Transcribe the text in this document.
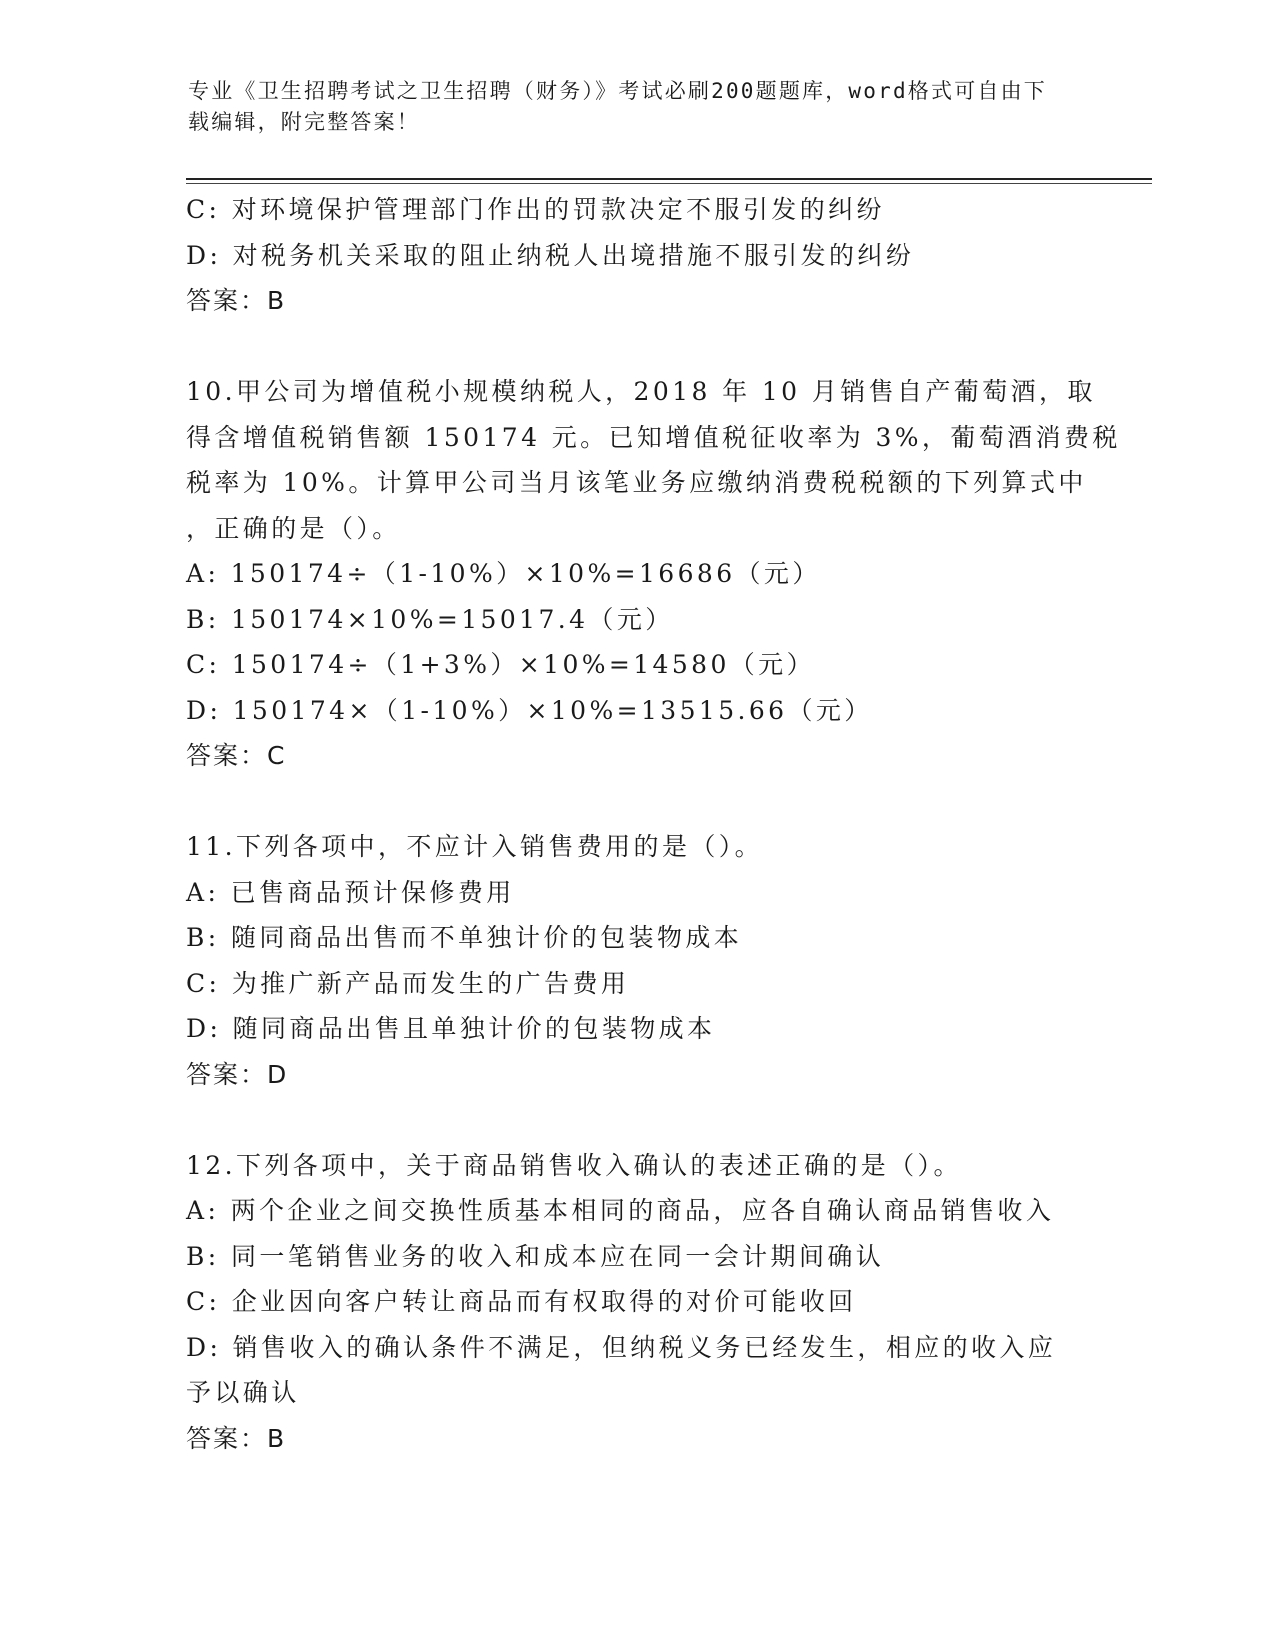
专业《卫生招聘考试之卫生招聘（财务）》考试必刷200题题库，word格式可自由下载编辑，附完整答案！
C: 对环境保护管理部门作出的罚款决定不服引发的纠纷
D: 对税务机关采取的阻止纳税人出境措施不服引发的纠纷
答案：B
10.甲公司为增值税小规模纳税人，2018 年 10 月销售自产葡萄酒，取
得含增值税销售额 150174 元。已知增值税征收率为 3%，葡萄酒消费税
税率为 10%。计算甲公司当月该笔业务应缴纳消费税税额的下列算式中
，正确的是（）。
A: 150174÷（1-10%）×10%=16686（元）
B: 150174×10%=15017.4（元）
C: 150174÷（1+3%）×10%=14580（元）
D: 150174×（1-10%）×10%=13515.66（元）
答案：C
11.下列各项中，不应计入销售费用的是（）。
A: 已售商品预计保修费用
B: 随同商品出售而不单独计价的包装物成本
C: 为推广新产品而发生的广告费用
D: 随同商品出售且单独计价的包装物成本
答案：D
12.下列各项中，关于商品销售收入确认的表述正确的是（）。
A: 两个企业之间交换性质基本相同的商品，应各自确认商品销售收入
B: 同一笔销售业务的收入和成本应在同一会计期间确认
C: 企业因向客户转让商品而有权取得的对价可能收回
D: 销售收入的确认条件不满足，但纳税义务已经发生，相应的收入应
予以确认
答案：B
